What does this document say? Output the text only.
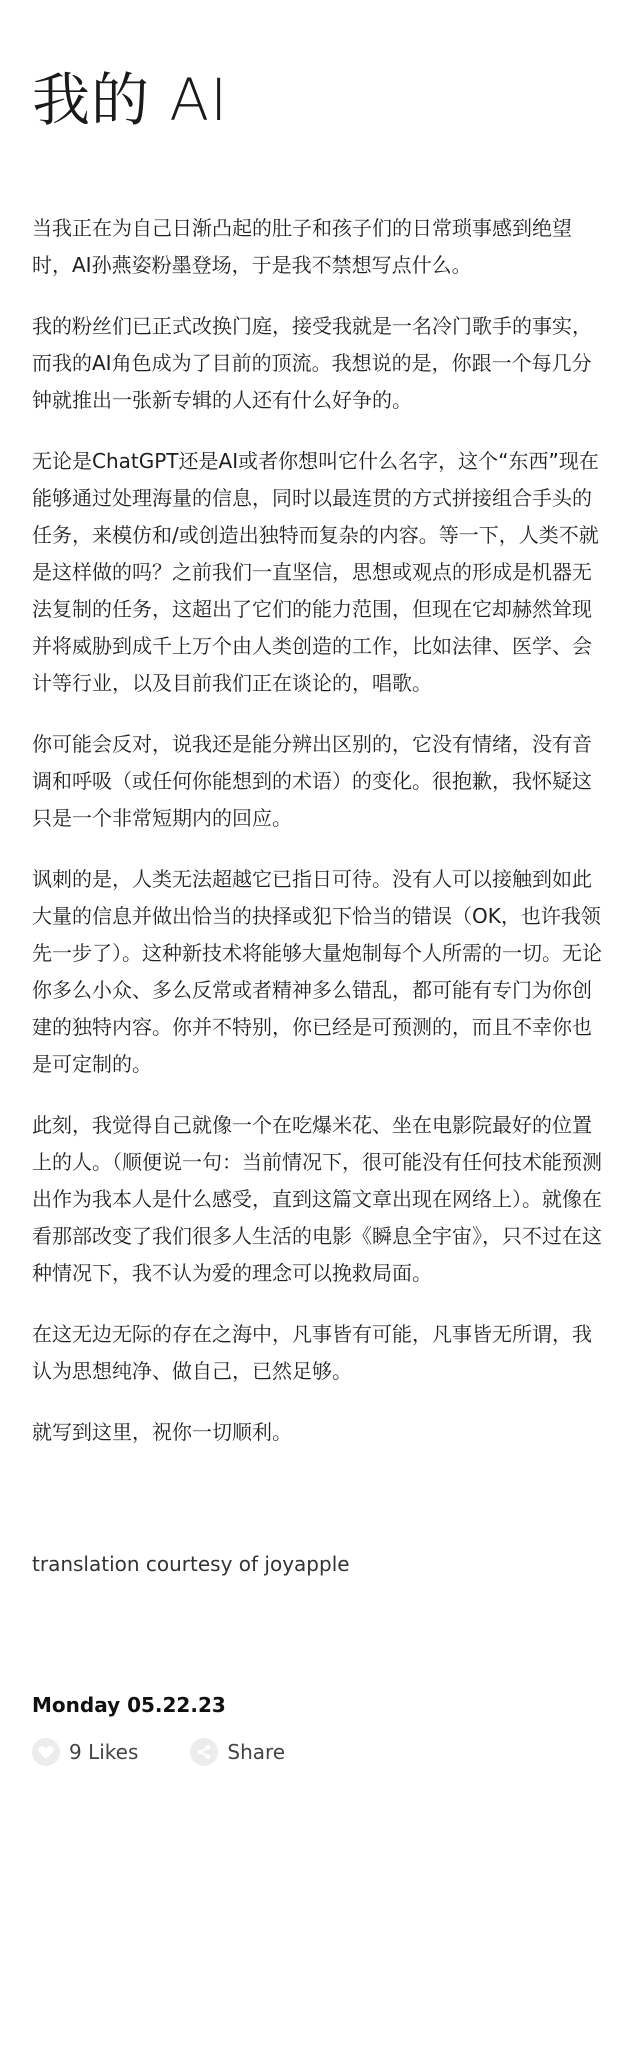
我的 AI

当我正在为自己日渐凸起的肚子和孩子们的日常琐事感到绝望时，AI孙燕姿粉墨登场，于是我不禁想写点什么。

我的粉丝们已正式改换门庭，接受我就是一名冷门歌手的事实，而我的AI角色成为了目前的顶流。我想说的是，你跟一个每几分钟就推出一张新专辑的人还有什么好争的。

无论是ChatGPT还是AI或者你想叫它什么名字，这个“东西”现在能够通过处理海量的信息，同时以最连贯的方式拼接组合手头的任务，来模仿和/或创造出独特而复杂的内容。等一下，人类不就是这样做的吗？之前我们一直坚信，思想或观点的形成是机器无法复制的任务，这超出了它们的能力范围，但现在它却赫然耸现并将威胁到成千上万个由人类创造的工作，比如法律、医学、会计等行业，以及目前我们正在谈论的，唱歌。

你可能会反对，说我还是能分辨出区别的，它没有情绪，没有音调和呼吸（或任何你能想到的术语）的变化。很抱歉，我怀疑这只是一个非常短期内的回应。

讽刺的是，人类无法超越它已指日可待。没有人可以接触到如此大量的信息并做出恰当的抉择或犯下恰当的错误（OK，也许我领先一步了）。这种新技术将能够大量炮制每个人所需的一切。无论你多么小众、多么反常或者精神多么错乱，都可能有专门为你创建的独特内容。你并不特别，你已经是可预测的，而且不幸你也是可定制的。

此刻，我觉得自己就像一个在吃爆米花、坐在电影院最好的位置上的人。（顺便说一句：当前情况下，很可能没有任何技术能预测出作为我本人是什么感受，直到这篇文章出现在网络上）。就像在看那部改变了我们很多人生活的电影《瞬息全宇宙》，只不过在这种情况下，我不认为爱的理念可以挽救局面。

在这无边无际的存在之海中，凡事皆有可能，凡事皆无所谓，我认为思想纯净、做自己，已然足够。

就写到这里，祝你一切顺利。

translation courtesy of joyapple
Monday 05.22.23
9 Likes	Share
